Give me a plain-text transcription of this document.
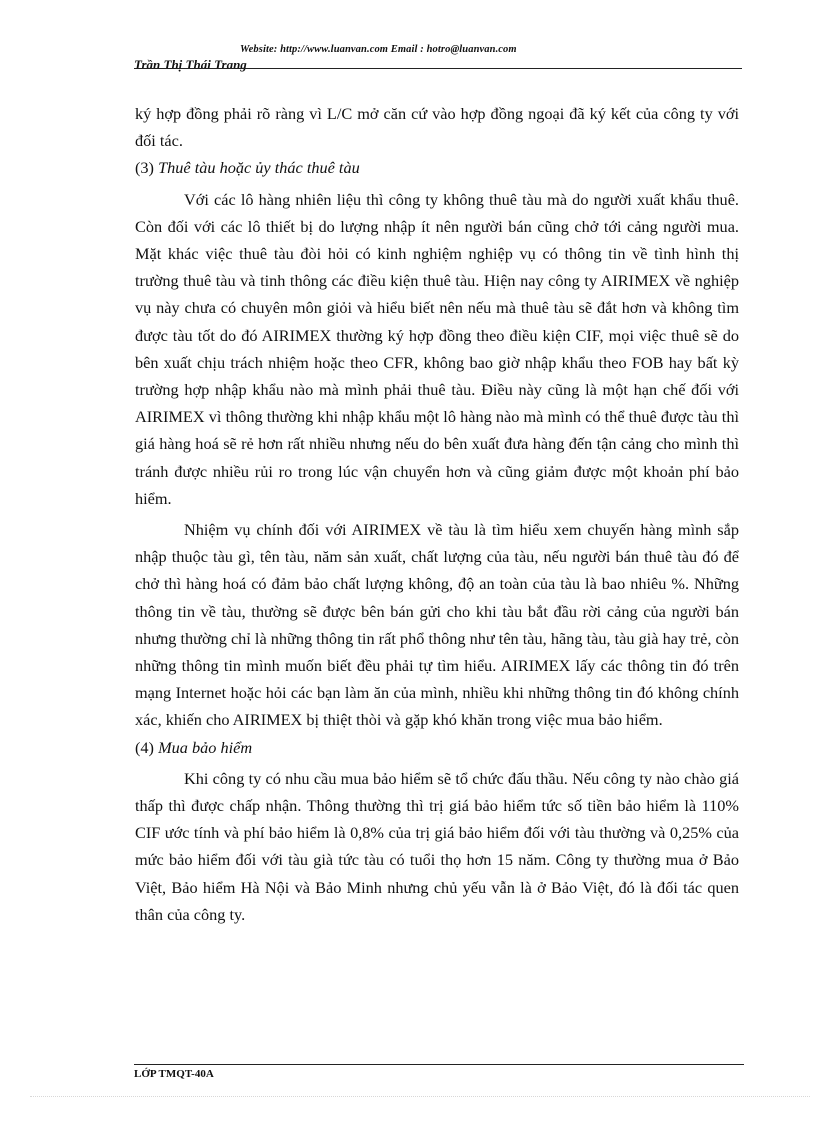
Website: http://www.luanvan.com Email : hotro@luanvan.com
Trần Thị Thái Trang

ký hợp đồng phải rõ ràng vì L/C mở căn cứ vào hợp đồng ngoại đã ký kết của công ty với đối tác.

(3) Thuê tàu hoặc ủy thác thuê tàu

Với các lô hàng nhiên liệu thì công ty không thuê tàu mà do người xuất khẩu thuê. Còn đối với các lô thiết bị do lượng nhập ít nên người bán cũng chở tới cảng người mua. Mặt khác việc thuê tàu đòi hỏi có kinh nghiệm nghiệp vụ có thông tin về tình hình thị trường thuê tàu và tinh thông các điều kiện thuê tàu. Hiện nay công ty AIRIMEX về nghiệp vụ này chưa có chuyên môn giỏi và hiểu biết nên nếu mà thuê tàu sẽ đắt hơn và không tìm được tàu tốt do đó AIRIMEX thường ký hợp đồng theo điều kiện CIF, mọi việc thuê sẽ do bên xuất chịu trách nhiệm hoặc theo CFR, không bao giờ nhập khẩu theo FOB hay bất kỳ trường hợp nhập khẩu nào mà mình phải thuê tàu. Điều này cũng là một hạn chế đối với AIRIMEX vì thông thường khi nhập khẩu một lô hàng nào mà mình có thể thuê được tàu thì giá hàng hoá sẽ rẻ hơn rất nhiều nhưng nếu do bên xuất đưa hàng đến tận cảng cho mình thì tránh được nhiều rủi ro trong lúc vận chuyển hơn và cũng giảm được một khoản phí bảo hiểm.

Nhiệm vụ chính đối với AIRIMEX về tàu là tìm hiểu xem chuyến hàng mình sắp nhập thuộc tàu gì, tên tàu, năm sản xuất, chất lượng của tàu, nếu người bán thuê tàu đó để chở thì hàng hoá có đảm bảo chất lượng không, độ an toàn của tàu là bao nhiêu %. Những thông tin về tàu, thường sẽ được bên bán gửi cho khi tàu bắt đầu rời cảng của người bán nhưng thường chỉ là những thông tin rất phổ thông như tên tàu, hãng tàu, tàu già hay trẻ, còn những thông tin mình muốn biết đều phải tự tìm hiểu. AIRIMEX lấy các thông tin đó trên mạng Internet hoặc hỏi các bạn làm ăn của mình, nhiều khi những thông tin đó không chính xác, khiến cho AIRIMEX bị thiệt thòi và gặp khó khăn trong việc mua bảo hiểm.

(4) Mua bảo hiểm

Khi công ty có nhu cầu mua bảo hiểm sẽ tổ chức đấu thầu. Nếu công ty nào chào giá thấp thì được chấp nhận. Thông thường thì trị giá bảo hiểm tức số tiền bảo hiểm là 110% CIF ước tính và phí bảo hiểm là 0,8% của trị giá bảo hiểm đối với tàu thường và 0,25% của mức bảo hiểm đối với tàu già tức tàu có tuổi thọ hơn 15 năm. Công ty thường mua ở Bảo Việt, Bảo hiểm Hà Nội và Bảo Minh nhưng chủ yếu vẫn là ở Bảo Việt, đó là đối tác quen thân của công ty.

LỚP TMQT-40A
